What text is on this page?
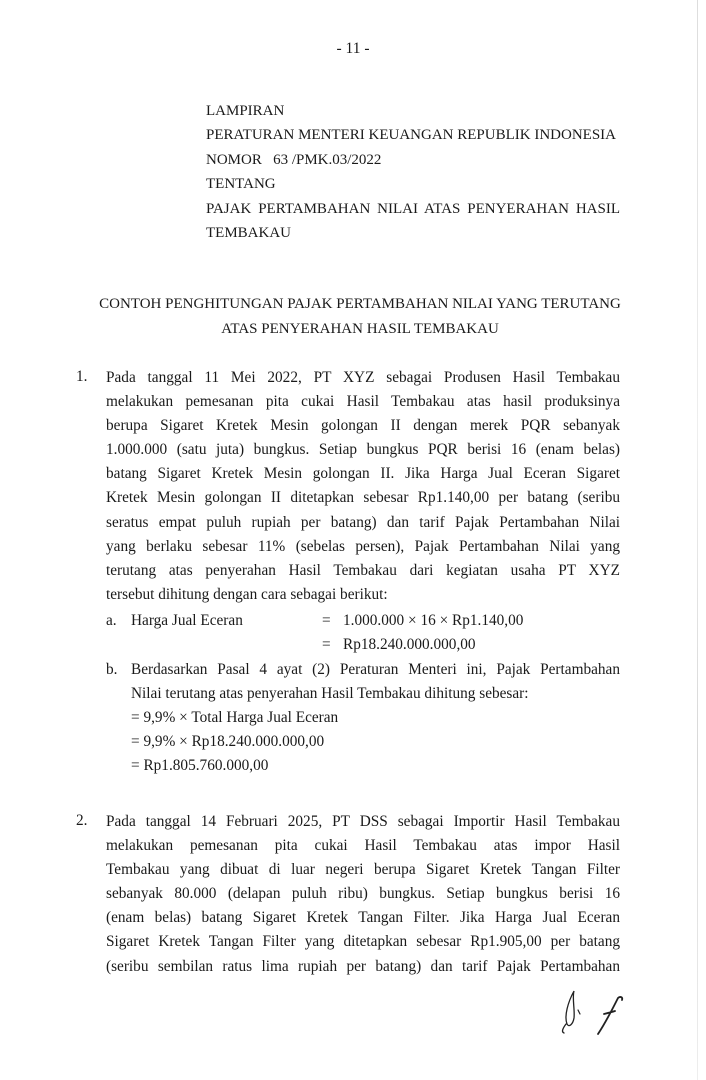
- 11 -
LAMPIRAN
PERATURAN MENTERI KEUANGAN REPUBLIK INDONESIA
NOMOR   63 /PMK.03/2022
TENTANG
PAJAK PERTAMBAHAN NILAI ATAS PENYERAHAN HASIL
TEMBAKAU
CONTOH PENGHITUNGAN PAJAK PERTAMBAHAN NILAI YANG TERUTANG
ATAS PENYERAHAN HASIL TEMBAKAU
1. Pada tanggal 11 Mei 2022, PT XYZ sebagai Produsen Hasil Tembakau
melakukan pemesanan pita cukai Hasil Tembakau atas hasil produksinya
berupa Sigaret Kretek Mesin golongan II dengan merek PQR sebanyak
1.000.000 (satu juta) bungkus. Setiap bungkus PQR berisi 16 (enam belas)
batang Sigaret Kretek Mesin golongan II. Jika Harga Jual Eceran Sigaret
Kretek Mesin golongan II ditetapkan sebesar Rp1.140,00 per batang (seribu
seratus empat puluh rupiah per batang) dan tarif Pajak Pertambahan Nilai
yang berlaku sebesar 11% (sebelas persen), Pajak Pertambahan Nilai yang
terutang atas penyerahan Hasil Tembakau dari kegiatan usaha PT XYZ
tersebut dihitung dengan cara sebagai berikut:
a. Harga Jual Eceran	= 1.000.000 × 16 × Rp1.140,00
= Rp18.240.000.000,00
b. Berdasarkan Pasal 4 ayat (2) Peraturan Menteri ini, Pajak Pertambahan
Nilai terutang atas penyerahan Hasil Tembakau dihitung sebesar:
= 9,9% × Total Harga Jual Eceran
= 9,9% × Rp18.240.000.000,00
= Rp1.805.760.000,00
2. Pada tanggal 14 Februari 2025, PT DSS sebagai Importir Hasil Tembakau
melakukan pemesanan pita cukai Hasil Tembakau atas impor Hasil
Tembakau yang dibuat di luar negeri berupa Sigaret Kretek Tangan Filter
sebanyak 80.000 (delapan puluh ribu) bungkus. Setiap bungkus berisi 16
(enam belas) batang Sigaret Kretek Tangan Filter. Jika Harga Jual Eceran
Sigaret Kretek Tangan Filter yang ditetapkan sebesar Rp1.905,00 per batang
(seribu sembilan ratus lima rupiah per batang) dan tarif Pajak Pertambahan
